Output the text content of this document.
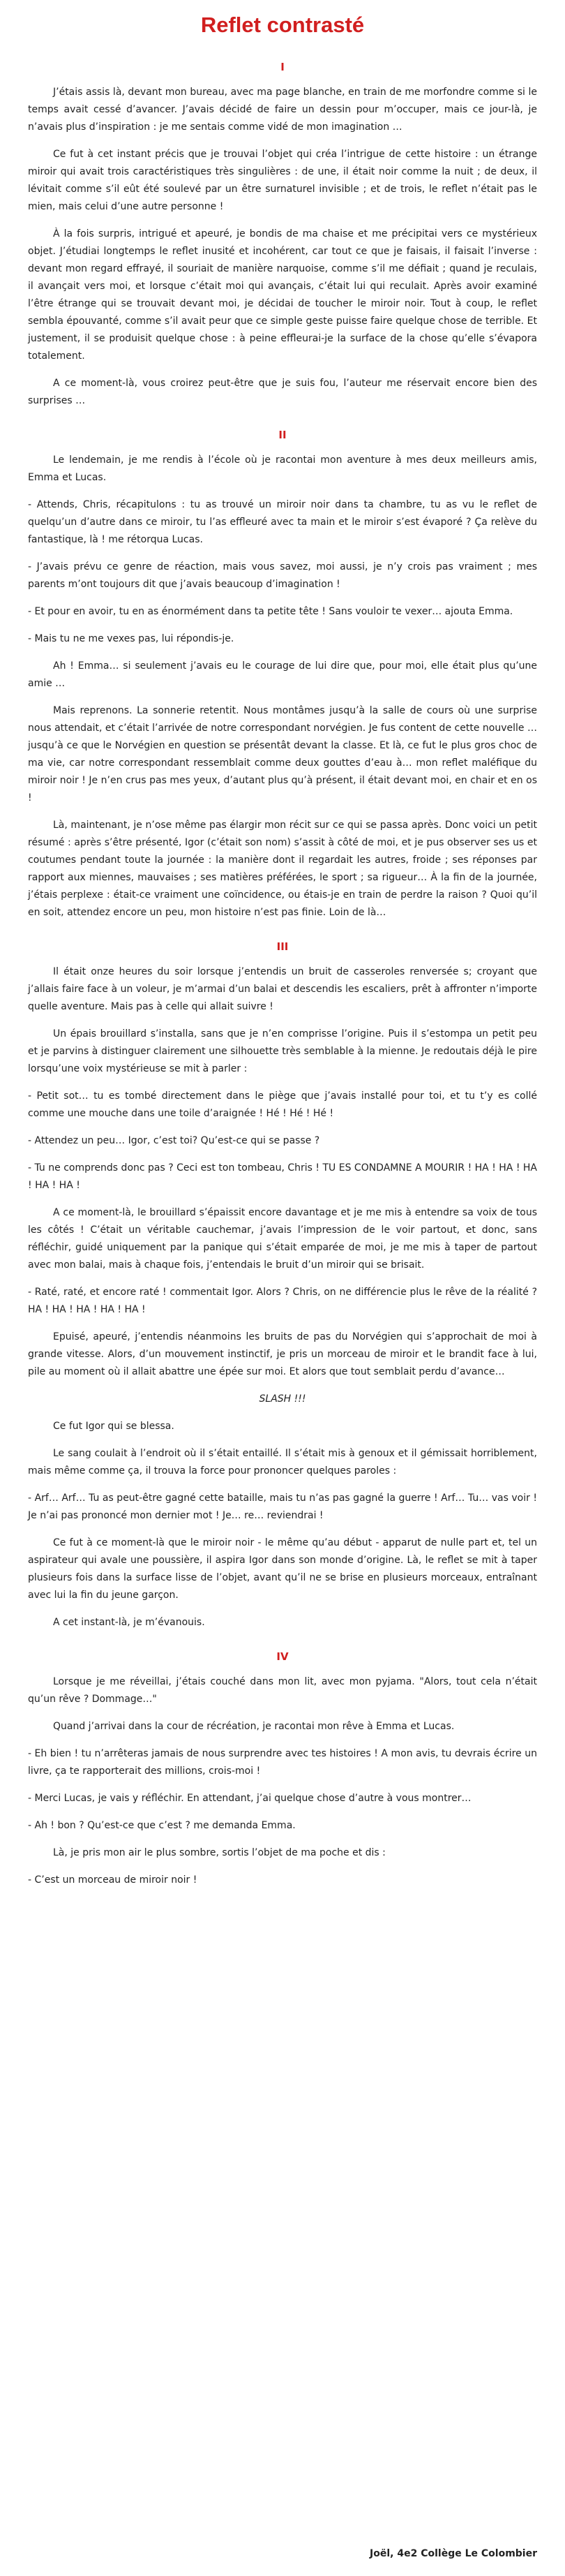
Reflet contrasté
I

J’étais assis là, devant mon bureau, avec ma page blanche, en train de me morfondre comme si le temps avait cessé d’avancer. J’avais décidé de faire un dessin pour m’occuper, mais ce jour-là, je n’avais plus d’inspiration : je me sentais comme vidé de mon imagination …

Ce fut à cet instant précis que je trouvai l’objet qui créa l’intrigue de cette histoire : un étrange miroir qui avait trois caractéristiques très singulières : de une, il était noir comme la nuit ; de deux, il lévitait comme s’il eût été soulevé par un être surnaturel invisible ; et de trois, le reflet n’était pas le mien, mais celui d’une autre personne !

À la fois surpris, intrigué et apeuré, je bondis de ma chaise et me précipitai vers ce mystérieux objet. J’étudiai longtemps le reflet inusité et incohérent, car tout ce que je faisais, il faisait l’inverse : devant mon regard effrayé, il souriait de manière narquoise, comme s’il me défiait ; quand je reculais, il avançait vers moi, et lorsque c’était moi qui avançais, c’était lui qui reculait. Après avoir examiné l’être étrange qui se trouvait devant moi, je décidai de toucher le miroir noir. Tout à coup, le reflet sembla épouvanté, comme s’il avait peur que ce simple geste puisse faire quelque chose de terrible. Et justement, il se produisit quelque chose : à peine effleurai-je la surface de la chose qu’elle s’évapora totalement.

A ce moment-là, vous croirez peut-être que je suis fou, l’auteur me réservait encore bien des surprises …

II

Le lendemain, je me rendis à l’école où je racontai mon aventure à mes deux meilleurs amis, Emma et Lucas.

- Attends, Chris, récapitulons : tu as trouvé un miroir noir dans ta chambre, tu as vu le reflet de quelqu’un d’autre dans ce miroir, tu l’as effleuré avec ta main et le miroir s’est évaporé ? Ça relève du fantastique, là ! me rétorqua Lucas.

- J’avais prévu ce genre de réaction, mais vous savez, moi aussi, je n’y crois pas vraiment ; mes parents m’ont toujours dit que j’avais beaucoup d’imagination !

- Et pour en avoir, tu en as énormément dans ta petite tête ! Sans vouloir te vexer… ajouta Emma.

- Mais tu ne me vexes pas, lui répondis-je.

Ah ! Emma… si seulement j’avais eu le courage de lui dire que, pour moi, elle était plus qu’une amie …

Mais reprenons. La sonnerie retentit. Nous montâmes jusqu’à la salle de cours où une surprise nous attendait, et c’était l’arrivée de notre correspondant norvégien. Je fus content de cette nouvelle … jusqu’à ce que le Norvégien en question se présentât devant la classe. Et là, ce fut le plus gros choc de ma vie, car notre correspondant ressemblait comme deux gouttes d’eau à… mon reflet maléfique du miroir noir ! Je n’en crus pas mes yeux, d’autant plus qu’à présent, il était devant moi, en chair et en os !

Là, maintenant, je n’ose même pas élargir mon récit sur ce qui se passa après. Donc voici un petit résumé : après s’être présenté, Igor (c’était son nom) s’assit à côté de moi, et je pus observer ses us et coutumes pendant toute la journée : la manière dont il regardait les autres, froide ; ses réponses par rapport aux miennes, mauvaises ; ses matières préférées, le sport ; sa rigueur… À la fin de la journée, j’étais perplexe : était-ce vraiment une coïncidence, ou étais-je en train de perdre la raison ? Quoi qu’il en soit, attendez encore un peu, mon histoire n’est pas finie. Loin de là…

III

Il était onze heures du soir lorsque j’entendis un bruit de casseroles renversée s; croyant que j’allais faire face à un voleur, je m’armai d’un balai et descendis les escaliers, prêt à affronter n’importe quelle aventure. Mais pas à celle qui allait suivre !

Un épais brouillard s’installa, sans que je n’en comprisse l’origine. Puis il s’estompa un petit peu et je parvins à distinguer clairement une silhouette très semblable à la mienne. Je redoutais déjà le pire lorsqu’une voix mystérieuse se mit à parler :

- Petit sot… tu es tombé directement dans le piège que j’avais installé pour toi, et tu t’y es collé comme une mouche dans une toile d’araignée ! Hé ! Hé ! Hé !

- Attendez un peu… Igor, c’est toi? Qu’est-ce qui se passe ?

- Tu ne comprends donc pas ? Ceci est ton tombeau, Chris ! TU ES CONDAMNE A MOURIR ! HA ! HA ! HA ! HA ! HA !

A ce moment-là, le brouillard s’épaissit encore davantage et je me mis à entendre sa voix de tous les côtés ! C’était un véritable cauchemar, j’avais l’impression de le voir partout, et donc, sans réfléchir, guidé uniquement par la panique qui s’était emparée de moi, je me mis à taper de partout avec mon balai, mais à chaque fois, j’entendais le bruit d’un miroir qui se brisait.

- Raté, raté, et encore raté ! commentait Igor. Alors ? Chris, on ne différencie plus le rêve de la réalité ? HA ! HA ! HA ! HA ! HA !

Epuisé, apeuré, j’entendis néanmoins les bruits de pas du Norvégien qui s’approchait de moi à grande vitesse. Alors, d’un mouvement instinctif, je pris un morceau de miroir et le brandit face à lui, pile au moment où il allait abattre une épée sur moi. Et alors que tout semblait perdu d’avance…

SLASH !!!

Ce fut Igor qui se blessa.

Le sang coulait à l’endroit où il s’était entaillé. Il s’était mis à genoux et il gémissait horriblement, mais même comme ça, il trouva la force pour prononcer quelques paroles :

- Arf… Arf… Tu as peut-être gagné cette bataille, mais tu n’as pas gagné la guerre ! Arf… Tu… vas voir ! Je n’ai pas prononcé mon dernier mot ! Je… re… reviendrai !

Ce fut à ce moment-là que le miroir noir - le même qu’au début - apparut de nulle part et, tel un aspirateur qui avale une poussière, il aspira Igor dans son monde d’origine. Là, le reflet se mit à taper plusieurs fois dans la surface lisse de l’objet, avant qu’il ne se brise en plusieurs morceaux, entraînant avec lui la fin du jeune garçon.

A cet instant-là, je m’évanouis.

IV

Lorsque je me réveillai, j’étais couché dans mon lit, avec mon pyjama. "Alors, tout cela n’était qu’un rêve ? Dommage…"

Quand j’arrivai dans la cour de récréation, je racontai mon rêve à Emma et Lucas.

- Eh bien ! tu n’arrêteras jamais de nous surprendre avec tes histoires ! A mon avis, tu devrais écrire un livre, ça te rapporterait des millions, crois-moi !

- Merci Lucas, je vais y réfléchir. En attendant, j’ai quelque chose d’autre à vous montrer…

- Ah ! bon ? Qu’est-ce que c’est ? me demanda Emma.

Là, je pris mon air le plus sombre, sortis l’objet de ma poche et dis :

- C’est un morceau de miroir noir !

Joël, 4e2 Collège Le Colombier
